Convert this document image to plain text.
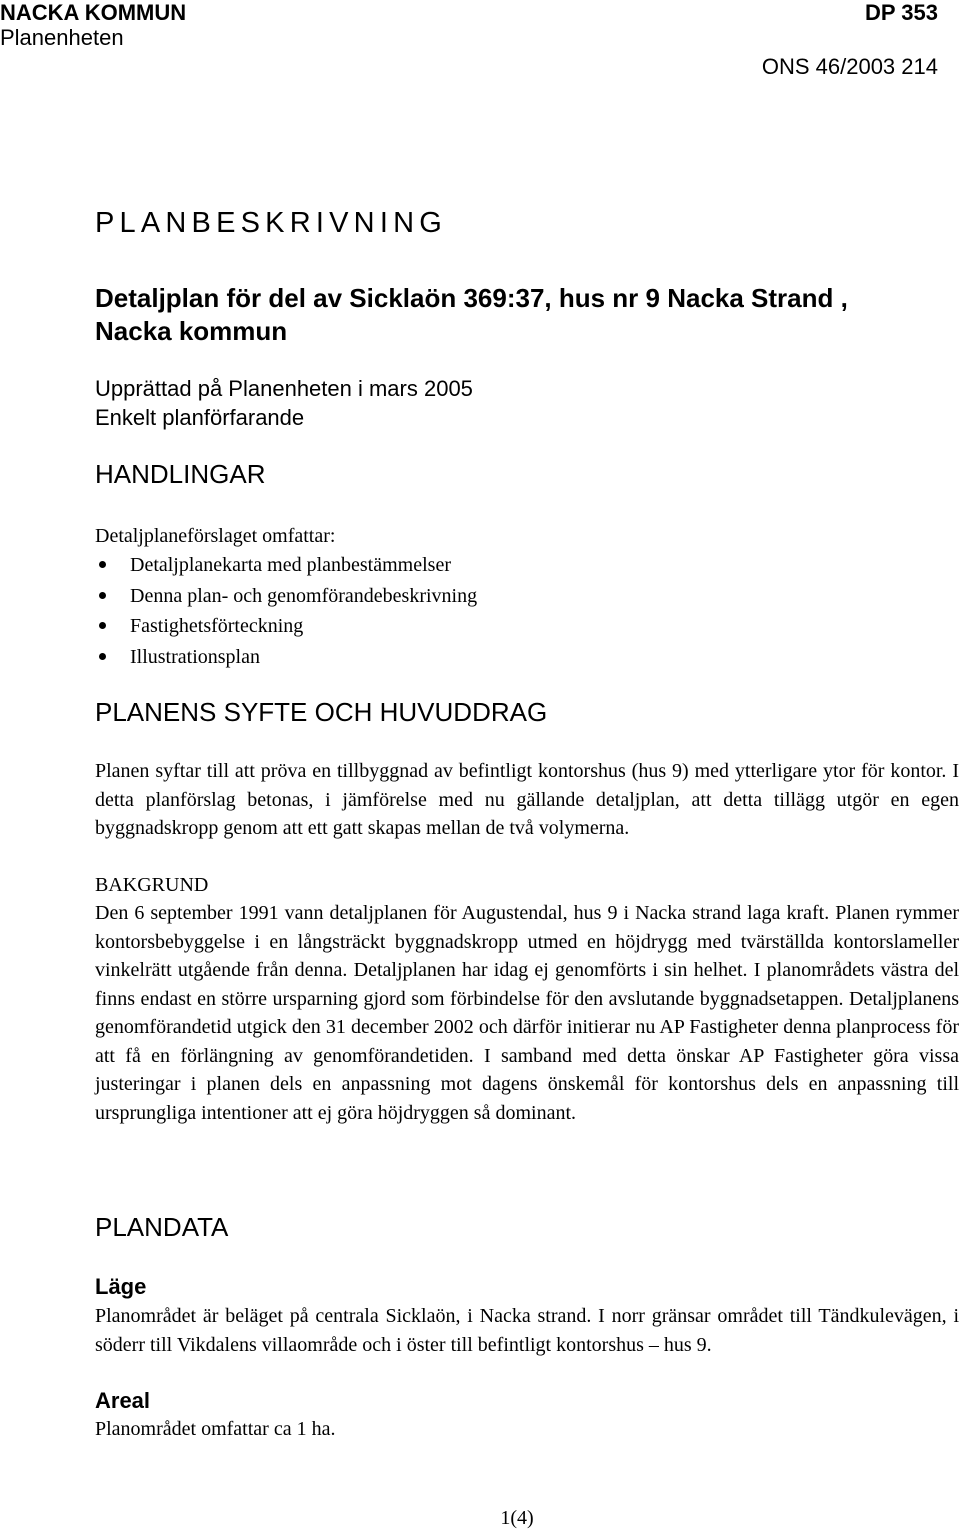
NACKA KOMMUN
Planenheten
DP 353
ONS 46/2003 214
PLANBESKRIVNING
Detaljplan för del av Sicklaön 369:37, hus nr 9 Nacka Strand ,
Nacka kommun
Upprättad på Planenheten i mars 2005
Enkelt planförfarande
HANDLINGAR
Detaljplaneförslaget omfattar:
Detaljplanekarta med planbestämmelser
Denna plan- och genomförandebeskrivning
Fastighetsförteckning
Illustrationsplan
PLANENS SYFTE OCH HUVUDDRAG
Planen syftar till att pröva en tillbyggnad av befintligt kontorshus (hus 9) med ytterligare ytor för kontor. I detta planförslag betonas, i jämförelse med nu gällande detaljplan, att detta tillägg utgör en egen byggnadskropp genom att ett gatt skapas mellan de två volymerna.
BAKGRUND
Den 6 september 1991 vann detaljplanen för Augustendal, hus 9 i Nacka strand laga kraft. Planen rymmer kontorsbebyggelse i en långsträckt byggnadskropp utmed en höjdrygg med tvärställda kontorslameller vinkelrätt utgående från denna. Detaljplanen har idag ej genomförts i sin helhet. I planområdets västra del finns endast en större ursparning gjord som förbindelse för den avslutande byggnadsetappen. Detaljplanens genomförandetid utgick den 31 december 2002 och därför initierar nu AP Fastigheter denna planprocess för att få en förlängning av genomförandetiden. I samband med detta önskar AP Fastigheter göra vissa justeringar i planen dels en anpassning mot dagens önskemål för kontorshus dels en anpassning till ursprungliga intentioner att ej göra höjdryggen så dominant.
PLANDATA
Läge
Planområdet är beläget på centrala Sicklaön, i Nacka strand. I norr gränsar området till Tändkulevägen, i söderr till Vikdalens villaområde och i öster till befintligt kontorshus – hus 9.
Areal
Planområdet omfattar ca 1 ha.
1(4)
